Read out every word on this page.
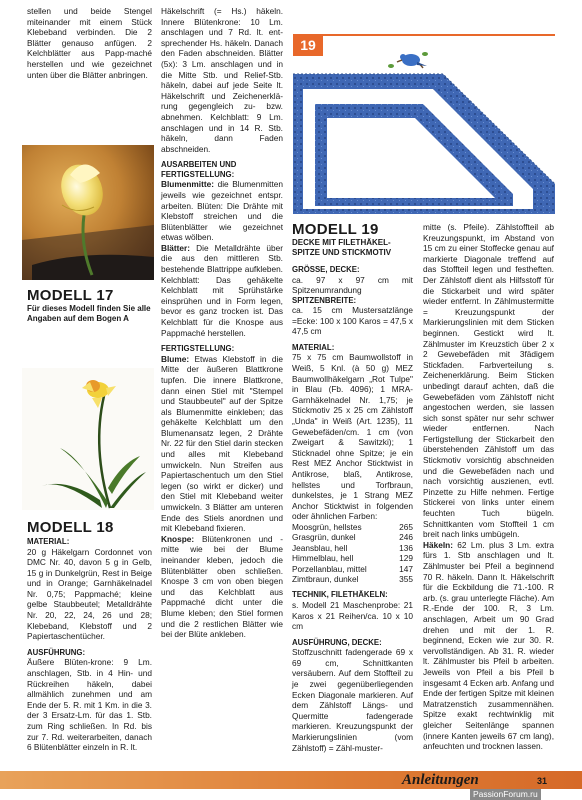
stellen und beide Stengel miteinander mit einem Stück Klebeband verbinden. Die 2 Blätter genauso anfügen. 2 Kelchblätter aus Papp-maché herstellen und wie gezeichnet unten über die Blätter anbringen.

MODELL 17
Für dieses Modell finden Sie alle Angaben auf dem Bogen A
MODELL 18
MATERIAL:

20 g Häkelgarn Cordonnet von DMC Nr. 40, davon 5 g in Gelb, 15 g in Dunkelgrün, Rest in Beige und in Orange; Garnhäkelnadel Nr. 0,75; Pappmaché; kleine gelbe Staubbeutel; Metalldrähte Nr. 20, 22, 24, 26 und 28; Klebeband, Klebstoff und 2 Papiertaschentücher.

AUSFÜHRUNG:

Äußere Blüten-krone: 9 Lm. anschlagen, Stb. in 4 Hin- und Rückreihen häkeln, dabei allmählich zunehmen und am Ende der 5. R. mit 1 Km. in die 3. der 3 Ersatz-Lm. für das 1. Stb. zum Ring schließen. In Rd. bis zur 7. Rd. weiterarbeiten, danach 6 Blütenblätter einzeln in R. lt.

Häkelschrift (= Hs.) häkeln. Innere Blütenkrone: 10 Lm. anschlagen und 7 Rd. lt. ent-sprechender Hs. häkeln. Danach den Faden abschneiden. Blätter (5x): 3 Lm. anschlagen und in die Mitte Stb. und Relief-Stb. häkeln, dabei auf jede Seite lt. Häkelschrift und Zeichenerklä-rung gegengleich zu- bzw. abnehmen. Kelchblatt: 9 Lm. anschlagen und in 14 R. Stb. häkeln, dann Faden abschneiden.

AUSARBEITEN UND FERTIGSTELLUNG:

Blumenmitte: die Blumenmitten jeweils wie gezeichnet entspr. arbeiten. Blüten: Die Drähte mit Klebstoff streichen und die Blütenblätter wie gezeichnet etwas wölben.

Blätter: Die Metalldrähte über die aus den mittleren Stb. bestehende Blattrippe aufkleben. Kelchblatt: Das gehäkelte Kelchblatt mit Sprühstärke einsprühen und in Form legen, bevor es ganz trocken ist. Das Kelchblatt für die Knospe aus Pappmaché herstellen.

FERTIGSTELLUNG:

Blume: Etwas Klebstoff in die Mitte der äußeren Blattkrone tupfen. Die innere Blattkrone, dann einen Stiel mit "Stempel und Staubbeutel" auf der Spitze als Blumenmitte einkleben; das gehäkelte Kelchblatt um den Blumenansatz legen, 2 Drähte Nr. 22 für den Stiel darin stecken und alles mit Klebeband umwickeln. Nun Streifen aus Papiertaschentuch um den Stiel legen (so wirkt er dicker) und den Stiel mit Klebeband weiter umwickeln. 3 Blätter am unteren Ende des Stiels anordnen und mit Klebeband fixieren.

Knospe: Blütenkronen und -mitte wie bei der Blume ineinander kleben, jedoch die Blütenblätter oben schließen. Knospe 3 cm von oben biegen und das Kelchblatt aus Pappmaché dicht unter die Blume kleben; den Stiel formen und die 2 restlichen Blätter wie bei der Blüte ankleben.

19
MODELL 19
DECKE MIT FILETHÄKEL-SPITZE UND STICKMOTIV
GRÖSSE, DECKE:

ca. 97 x 97 cm mit Spitzenumrandung

SPITZENBREITE:

ca. 15 cm Mustersatzlänge =Ecke: 100 x 100 Karos = 47,5 x 47,5 cm

MATERIAL:

75 x 75 cm Baumwollstoff in Weiß, 5 Knl. (à 50 g) MEZ Baumwollhäkelgarn „Rot Tulpe" in Blau (Fb. 4096); 1 MRA-Garnhäkelnadel Nr. 1,75; je Stickmotiv 25 x 25 cm Zählstoff „Unda" in Weiß (Art. 1235), 11 Gewebefäden/cm. 1 cm (von Zweigart & Sawitzki); 1 Sticknadel ohne Spitze; je ein Rest MEZ Anchor Sticktwist in Antikrose, blaß, Antikrose, hellstes und Torfbraun, dunkelstes, je 1 Strang MEZ Anchor Sticktwist in folgenden oder ähnlichen Farben:

Moosgrün, hellstes	265
Grasgrün, dunkel	246
Jeansblau, hell	136
Himmelblau, hell	129
Porzellanblau, mittel	147
Zimtbraun, dunkel	355
TECHNIK, FILETHÄKELN:

s. Modell 21 Maschenprobe: 21 Karos x 21 Reihen/ca. 10 x 10 cm

AUSFÜHRUNG, DECKE:

Stoffzuschnitt fadengerade 69 x 69 cm, Schnittkanten versäubern. Auf dem Stoffteil zu je zwei gegenüberliegenden Ecken Diagonale markieren. Auf dem Zählstoff Längs- und Quermitte fadengerade markieren. Kreuzungspunkt der Markierungslinien (vom Zählstoff) = Zähl-muster-

mitte (s. Pfeile). Zählstoffteil ab Kreuzungspunkt, im Abstand von 15 cm zu einer Stoffecke genau auf markierte Diagonale treffend auf das Stoffteil legen und festheften. Der Zählstoff dient als Hilfsstoff für die Stickarbeit und wird später wieder entfernt. In Zählmustermitte = Kreuzungspunkt der Markierungslinien mit dem Sticken beginnen. Gestickt wird lt. Zählmuster im Kreuzstich über 2 x 2 Gewebefäden mit 3fädigem Stickfaden. Farbverteilung s. Zeichenerklärung. Beim Sticken unbedingt darauf achten, daß die Gewebefäden vom Zählstoff nicht angestochen werden, sie lassen sich sonst später nur sehr schwer wieder entfernen. Nach Fertigstellung der Stickarbeit den überstehenden Zählstoff um das Stickmotiv vorsichtig abschneiden und die Gewebefäden nach und nach vorsichtig auszienen, evtl. Pinzette zu Hilfe nehmen. Fertige Stickerei von links unter einem feuchten Tuch bügeln. Schnittkanten vom Stoffteil 1 cm breit nach links umbügeln.

Häkeln: 62 Lm. plus 3 Lm. extra fürs 1. Stb anschlagen und lt. Zählmuster bei Pfeil a beginnend 70 R. häkeln. Dann lt. Häkelschrift für die Eckbildung die 71.-100. R arb. (s. grau unterlegte Fläche). Am R.-Ende der 100. R, 3 Lm. anschlagen, Arbeit um 90 Grad drehen und mit der 1. R. beginnend, Ecken wie zur 30. R. vervollständigen. Ab 31. R. wieder lt. Zählmuster bis Pfeil b arbeiten. Jeweils von Pfeil a bis Pfeil b insgesamt 4 Ecken arb. Anfang und Ende der fertigen Spitze mit kleinen Matratzenstich zusammennähen. Spitze exakt rechtwinklig mit gleicher Seitenlänge spannen (innere Kanten jeweils 67 cm lang), anfeuchten und trocknen lassen.

Anleitungen	31
PassionForum.ru
